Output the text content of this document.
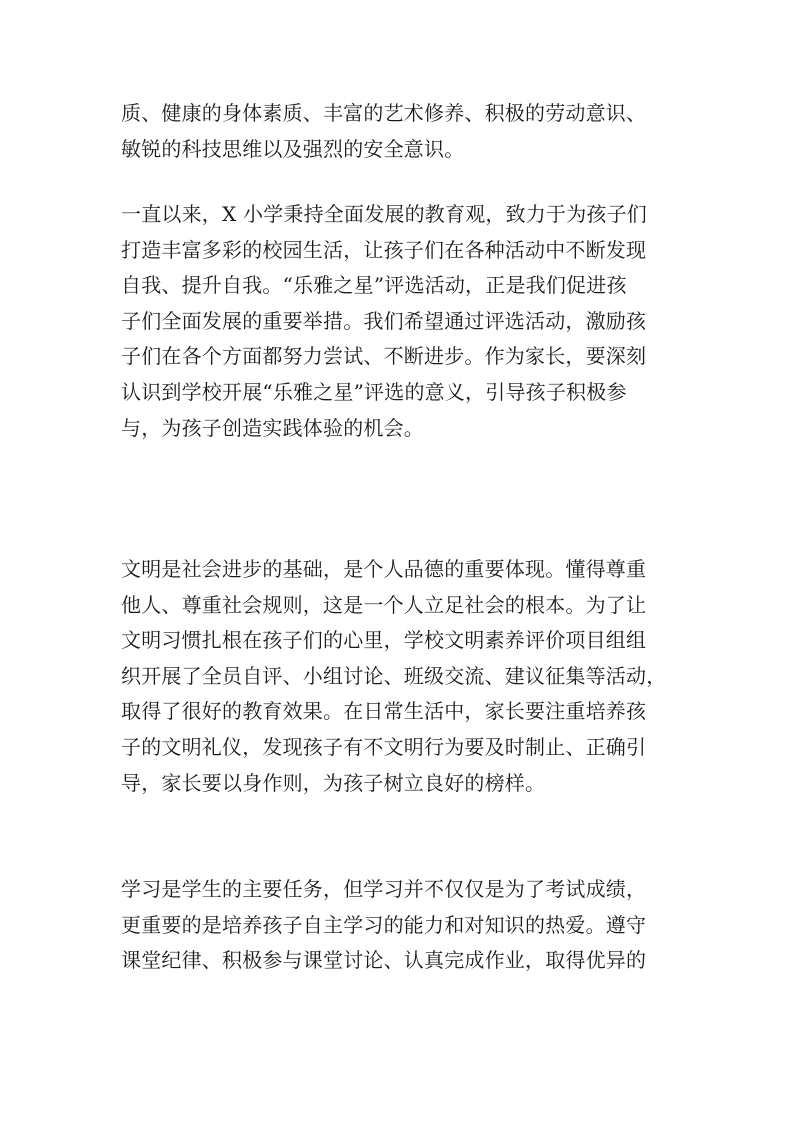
质、健康的身体素质、丰富的艺术修养、积极的劳动意识、
敏锐的科技思维以及强烈的安全意识。

一直以来，X 小学秉持全面发展的教育观，致力于为孩子们
打造丰富多彩的校园生活，让孩子们在各种活动中不断发现
自我、提升自我。“乐雅之星”评选活动，正是我们促进孩
子们全面发展的重要举措。我们希望通过评选活动，激励孩
子们在各个方面都努力尝试、不断进步。作为家长，要深刻
认识到学校开展“乐雅之星”评选的意义，引导孩子积极参
与，为孩子创造实践体验的机会。

文明是社会进步的基础，是个人品德的重要体现。懂得尊重
他人、尊重社会规则，这是一个人立足社会的根本。为了让
文明习惯扎根在孩子们的心里，学校文明素养评价项目组组
织开展了全员自评、小组讨论、班级交流、建议征集等活动，
取得了很好的教育效果。在日常生活中，家长要注重培养孩
子的文明礼仪，发现孩子有不文明行为要及时制止、正确引
导，家长要以身作则，为孩子树立良好的榜样。

学习是学生的主要任务，但学习并不仅仅是为了考试成绩，
更重要的是培养孩子自主学习的能力和对知识的热爱。遵守
课堂纪律、积极参与课堂讨论、认真完成作业，取得优异的
